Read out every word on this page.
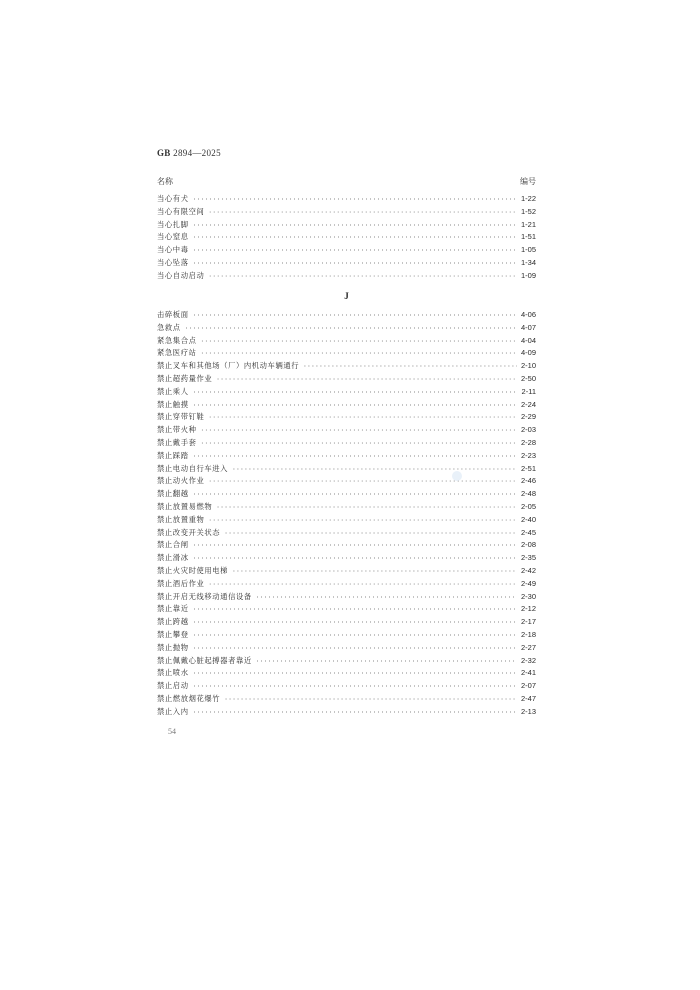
GB 2894—2025
名称	编号
当心有犬 ·····	1-22
当心有限空间 ·····	1-52
当心扎脚 ·····	1-21
当心窒息 ·····	1-51
当心中毒 ·····	1-05
当心坠落 ·····	1-34
当心自动启动 ·····	1-09
J
击碎板面 ·····	4-06
急救点 ·····	4-07
紧急集合点 ·····	4-04
紧急医疗站 ·····	4-09
禁止叉车和其他场（厂）内机动车辆通行 ·····	2-10
禁止超药量作业 ·····	2-50
禁止乘人 ·····	2-11
禁止触摸 ·····	2-24
禁止穿带钉鞋 ·····	2-29
禁止带火种 ·····	2-03
禁止戴手套 ·····	2-28
禁止踩踏 ·····	2-23
禁止电动自行车进入 ·····	2-51
禁止动火作业 ·····	2-46
禁止翻越 ·····	2-48
禁止放置易燃物 ·····	2-05
禁止放置重物 ·····	2-40
禁止改变开关状态 ·····	2-45
禁止合闸 ·····	2-08
禁止滑冰 ·····	2-35
禁止火灾时使用电梯 ·····	2-42
禁止酒后作业 ·····	2-49
禁止开启无线移动通信设备 ·····	2-30
禁止靠近 ·····	2-12
禁止跨越 ·····	2-17
禁止攀登 ·····	2-18
禁止抛物 ·····	2-27
禁止佩戴心脏起搏器者靠近 ·····	2-32
禁止喷水 ·····	2-41
禁止启动 ·····	2-07
禁止燃放烟花爆竹 ·····	2-47
禁止入内 ·····	2-13
54
